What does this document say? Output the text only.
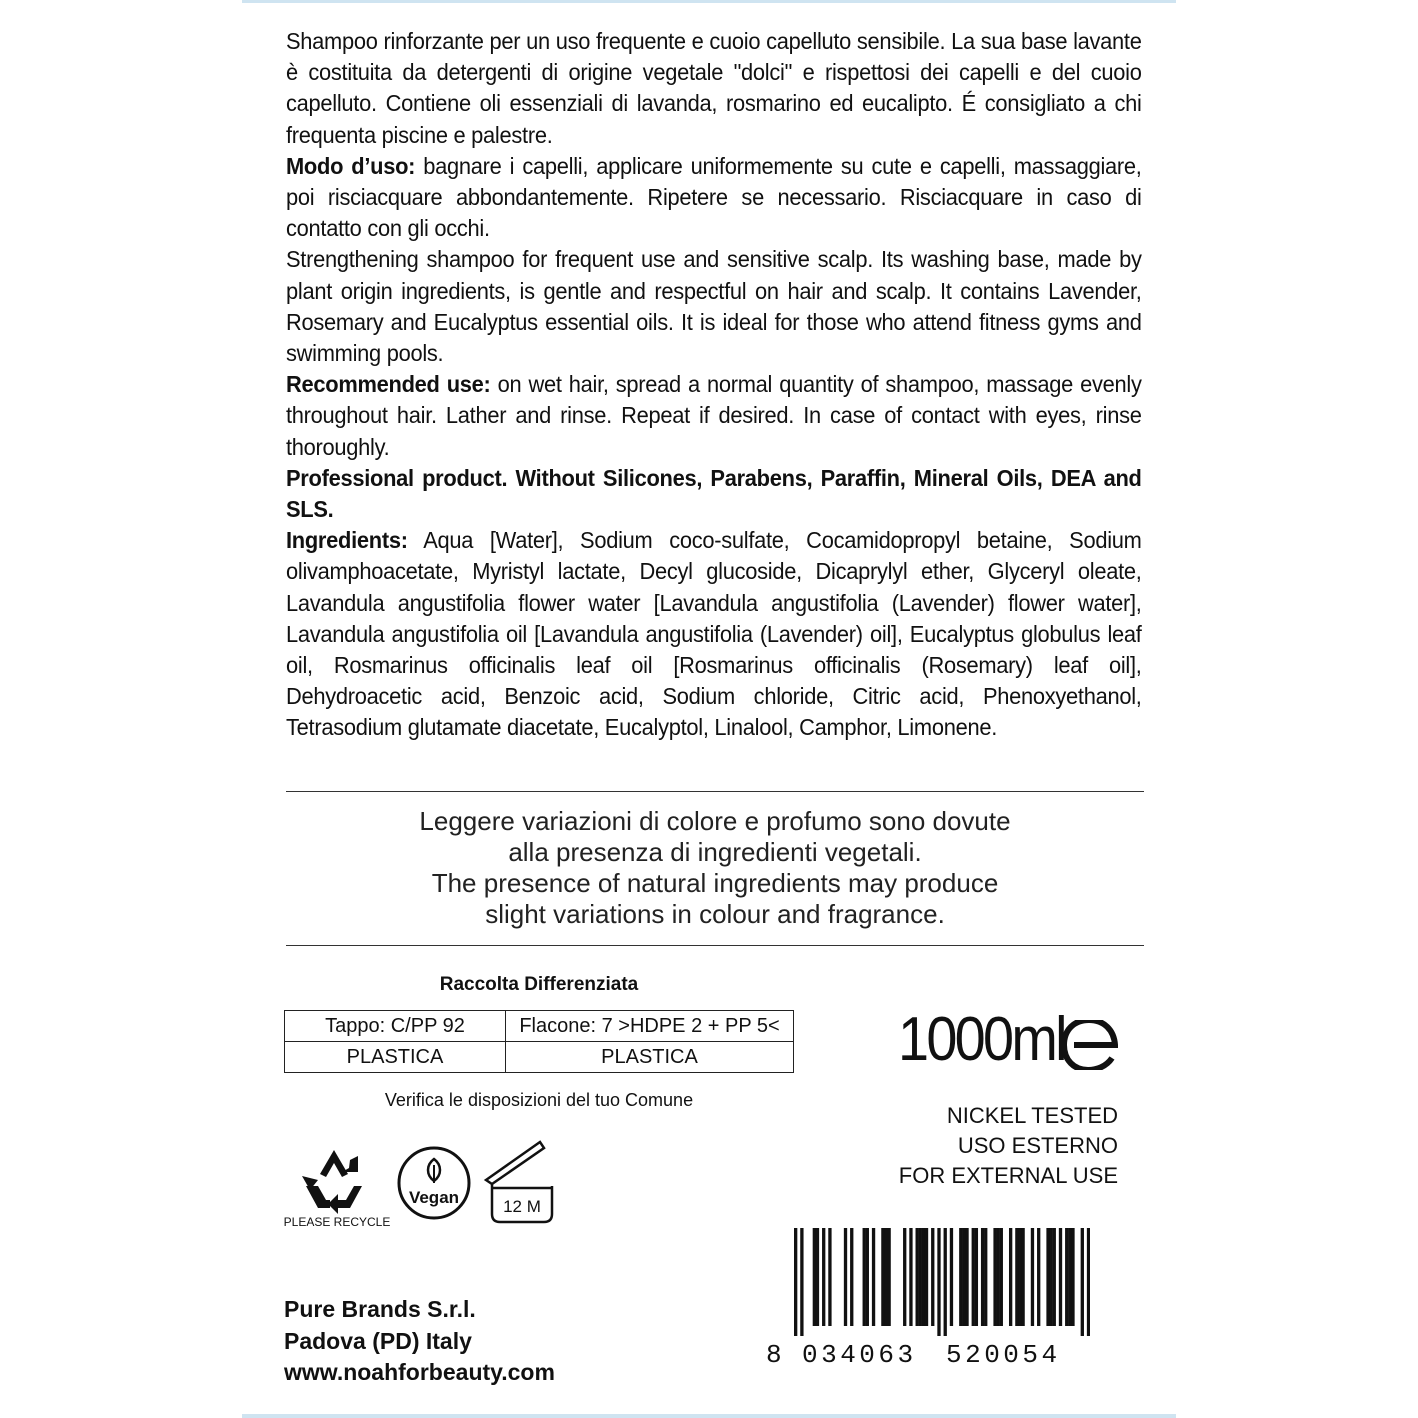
Shampoo rinforzante per un uso frequente e cuoio capelluto sensibile. La sua base lavante è costituita da detergenti di origine vegetale "dolci" e rispettosi dei capelli e del cuoio capelluto. Contiene oli essenziali di lavanda, rosmarino ed eucalipto. É consigliato a chi frequenta piscine e palestre.

Modo d’uso: bagnare i capelli, applicare uniformemente su cute e capelli, massaggiare, poi risciacquare abbondantemente. Ripetere se necessario. Risciacquare in caso di contatto con gli occhi.

Strengthening shampoo for frequent use and sensitive scalp. Its washing base, made by plant origin ingredients, is gentle and respectful on hair and scalp. It contains Lavender, Rosemary and Eucalyptus essential oils. It is ideal for those who attend fitness gyms and swimming pools.

Recommended use: on wet hair, spread a normal quantity of shampoo, massage evenly throughout hair. Lather and rinse. Repeat if desired. In case of contact with eyes, rinse thoroughly.

Professional product. Without Silicones, Parabens, Paraffin, Mineral Oils, DEA and SLS.

Ingredients: Aqua [Water], Sodium coco-sulfate, Cocamidopropyl betaine, Sodium olivamphoacetate, Myristyl lactate, Decyl glucoside, Dicaprylyl ether, Glyceryl oleate, Lavandula angustifolia flower water [Lavandula angustifolia (Lavender) flower water], Lavandula angustifolia oil [Lavandula angustifolia (Lavender) oil], Eucalyptus globulus leaf oil, Rosmarinus officinalis leaf oil [Rosmarinus officinalis (Rosemary) leaf oil], Dehydroacetic acid, Benzoic acid, Sodium chloride, Citric acid, Phenoxyethanol, Tetrasodium glutamate diacetate, Eucalyptol, Linalool, Camphor, Limonene.

Leggere variazioni di colore e profumo sono dovute
alla presenza di ingredienti vegetali.
The presence of natural ingredients may produce
slight variations in colour and fragrance.
Raccolta Differenziata
Tappo: C/PP 92	Flacone: 7 >HDPE 2 + PP 5<
PLASTICA	PLASTICA
Verifica le disposizioni del tuo Comune
PLEASE RECYCLE
Vegan	12 M
1000ml
NICKEL TESTED
USO ESTERNO
FOR EXTERNAL USE
Pure Brands S.r.l.
Padova (PD) Italy
www.noahforbeauty.com
8 034063 520054
